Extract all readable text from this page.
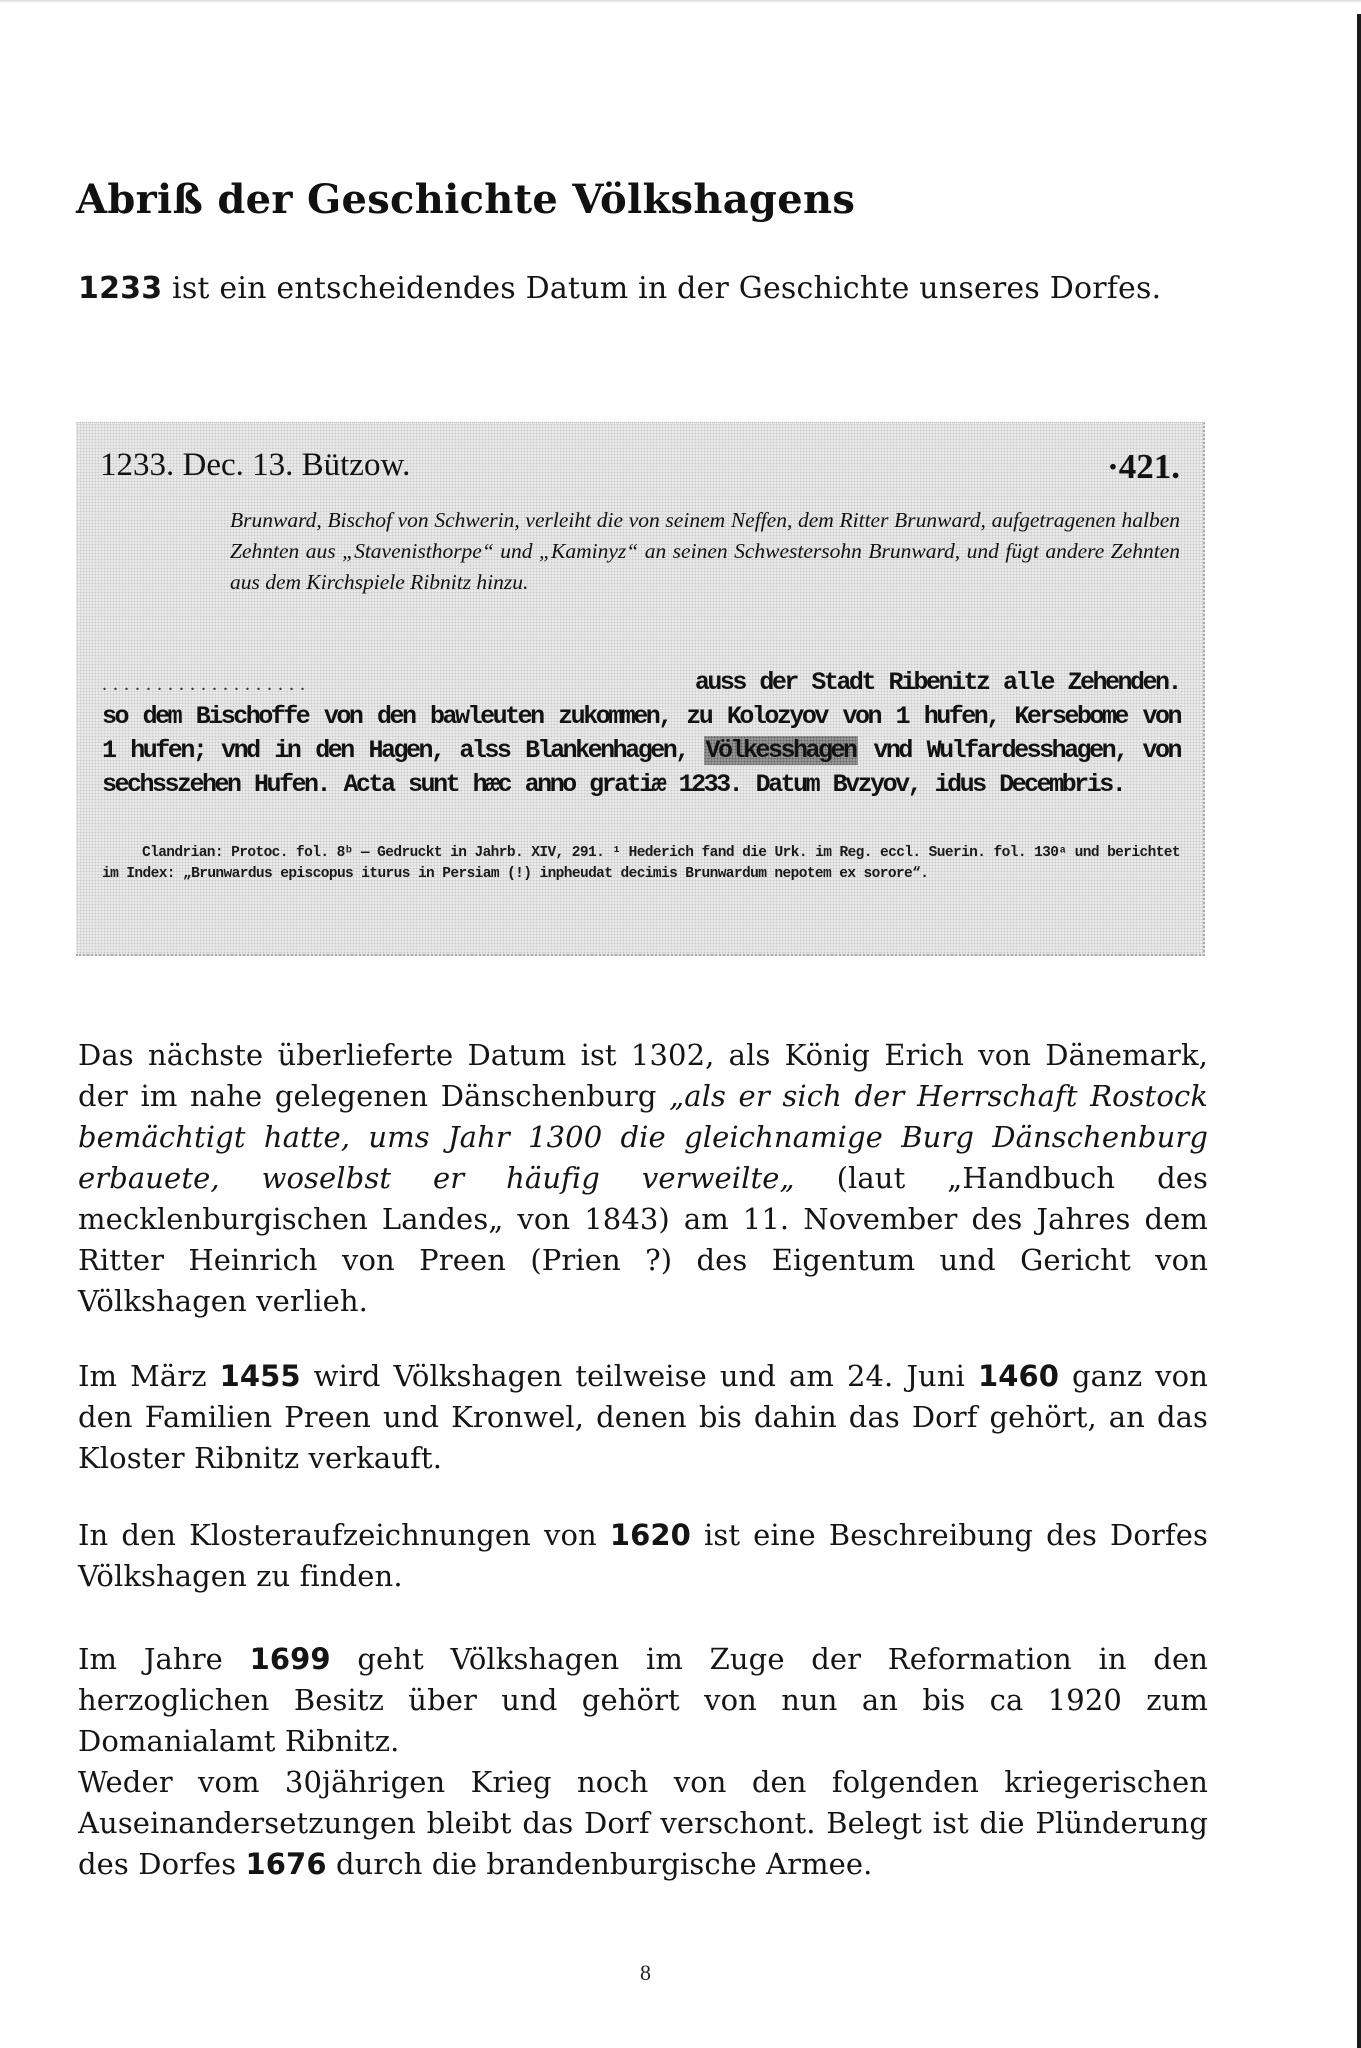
Abriß der Geschichte Völkshagens

1233 ist ein entscheidendes Datum in der Geschichte unseres Dorfes.

1233. Dec. 13. Bützow.	·421.
Brunward, Bischof von Schwerin, verleiht die von seinem Neffen, dem Ritter Brunward, aufgetragenen halben Zehnten aus „Stavenisthorpe“ und „Kaminyz“ an seinen Schwestersohn Brunward, und fügt andere Zehnten aus dem Kirchspiele Ribnitz hinzu.
...................	auss der Stadt Ribenitz alle Zehenden.
so dem Bischoffe von den bawleuten zukommen, zu Kolozyov von 1 hufen, Kersebome von 1 hufen; vnd in den Hagen, alss Blankenhagen, Völkesshagen vnd Wulfardesshagen, von sechsszehen Hufen. Acta sunt hæc anno gratiæ 1233. Datum Bvzyov, idus Decembris.
Clandrian: Protoc. fol. 8ᵇ — Gedruckt in Jahrb. XIV, 291. ¹ Hederich fand die Urk. im Reg. eccl. Suerin. fol. 130ᵃ und berichtet im Index: „Brunwardus episcopus iturus in Persiam (!) inpheudat decimis Brunwardum nepotem ex sorore“.

Das nächste überlieferte Datum ist 1302, als König Erich von Dänemark, der im nahe gelegenen Dänschenburg „als er sich der Herrschaft Rostock bemächtigt hatte, ums Jahr 1300 die gleichnamige Burg Dänschenburg erbauete, woselbst er häufig verweilte„ (laut „Handbuch des mecklenburgischen Landes„ von 1843) am 11. November des Jahres dem Ritter Heinrich von Preen (Prien ?) des Eigentum und Gericht von Völkshagen verlieh.

Im März 1455 wird Völkshagen teilweise und am 24. Juni 1460 ganz von den Familien Preen und Kronwel, denen bis dahin das Dorf gehört, an das Kloster Ribnitz verkauft.

In den Klosteraufzeichnungen von 1620 ist eine Beschreibung des Dorfes Völkshagen zu finden.

Im Jahre 1699 geht Völkshagen im Zuge der Reformation in den herzoglichen Besitz über und gehört von nun an bis ca 1920 zum Domanialamt Ribnitz.
Weder vom 30jährigen Krieg noch von den folgenden kriegerischen Auseinandersetzungen bleibt das Dorf verschont. Belegt ist die Plünderung des Dorfes 1676 durch die brandenburgische Armee.

8
